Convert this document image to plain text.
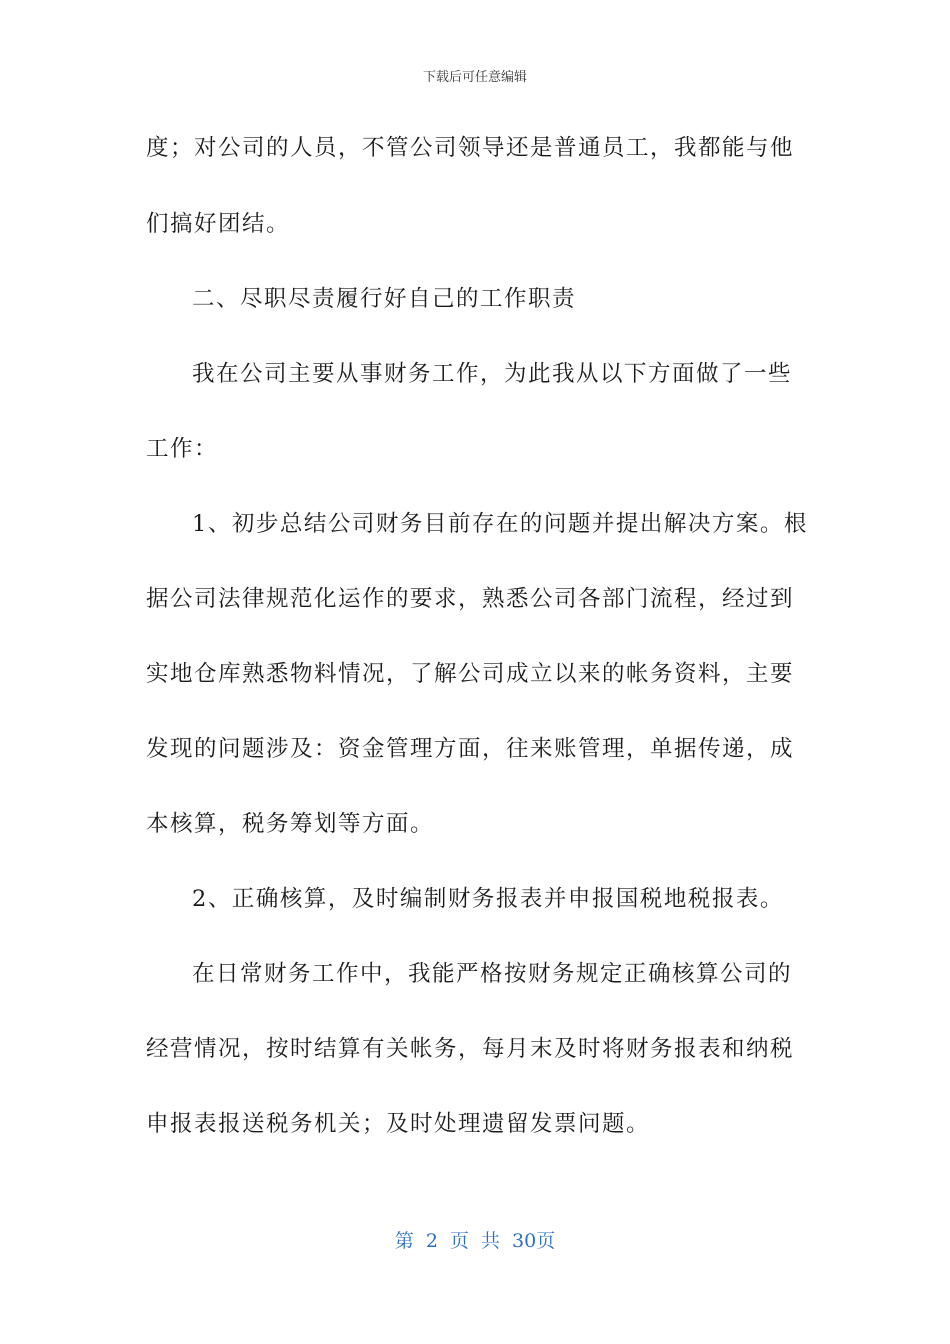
下载后可任意编辑
度；对公司的人员，不管公司领导还是普通员工，我都能与他
们搞好团结。
二、尽职尽责履行好自己的工作职责
我在公司主要从事财务工作，为此我从以下方面做了一些
工作：
1、初步总结公司财务目前存在的问题并提出解决方案。根
据公司法律规范化运作的要求，熟悉公司各部门流程，经过到
实地仓库熟悉物料情况，了解公司成立以来的帐务资料，主要
发现的问题涉及：资金管理方面，往来账管理，单据传递，成
本核算，税务筹划等方面。
2、正确核算，及时编制财务报表并申报国税地税报表。
在日常财务工作中，我能严格按财务规定正确核算公司的
经营情况，按时结算有关帐务，每月末及时将财务报表和纳税
申报表报送税务机关；及时处理遗留发票问题。
第 2 页 共 30页
